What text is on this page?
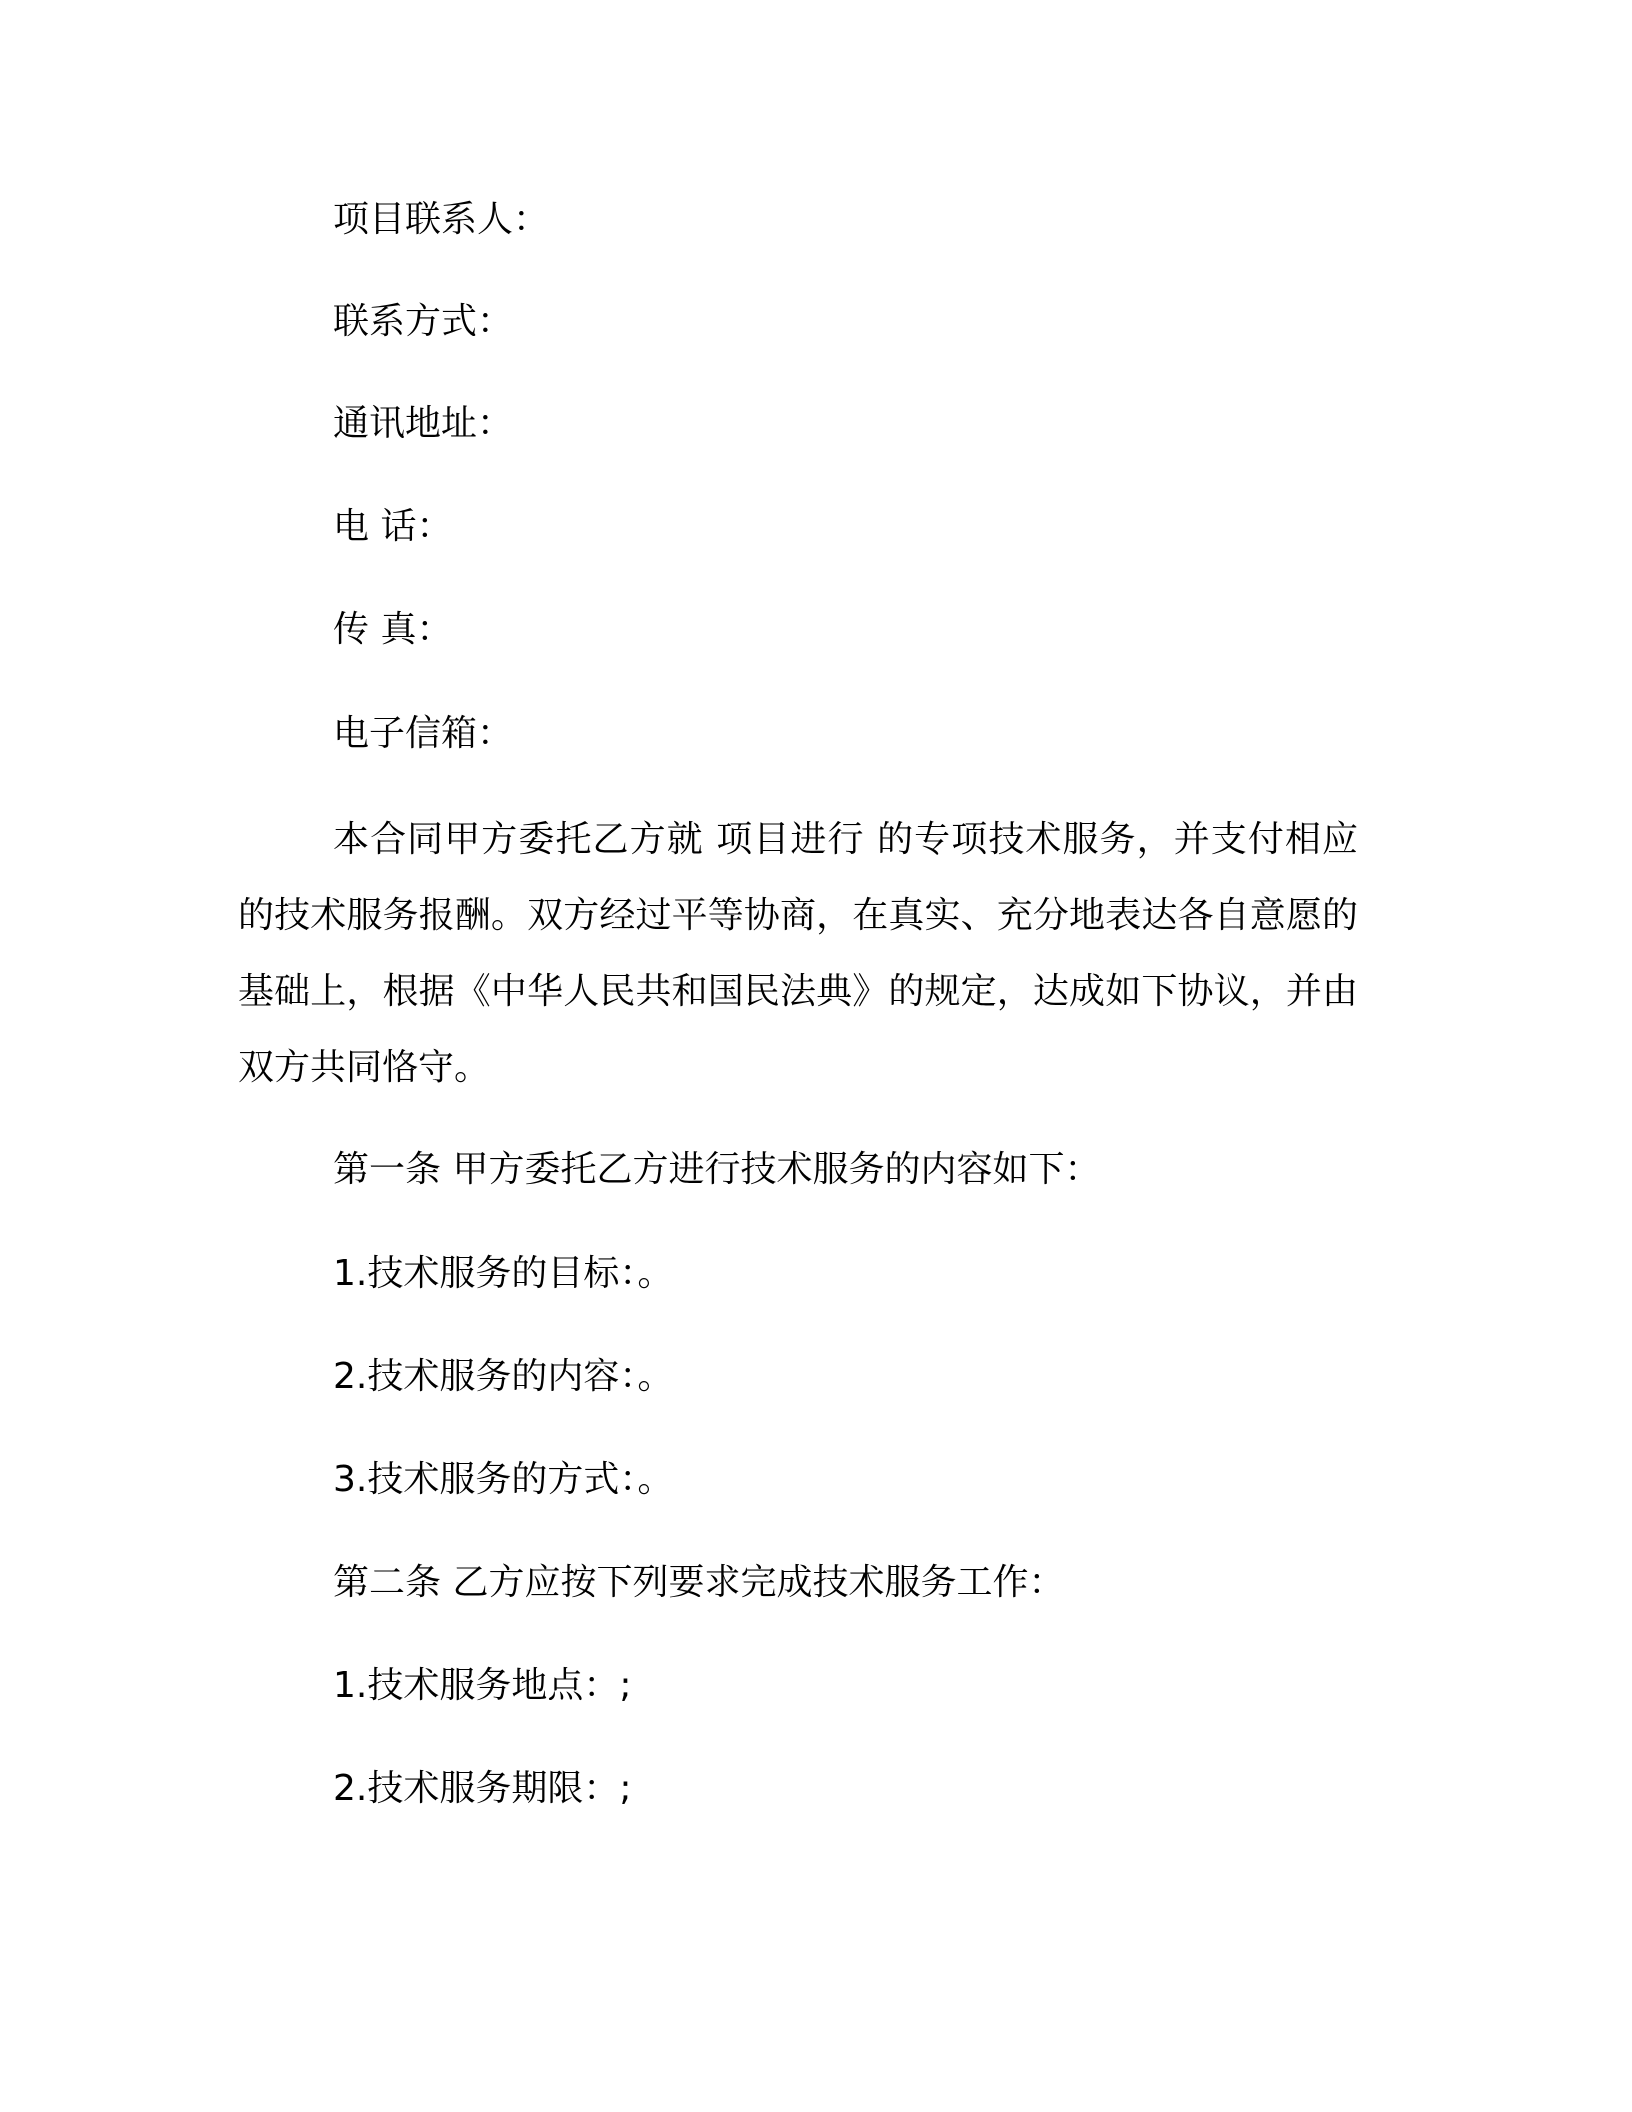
项目联系人：
联系方式：
通讯地址：
电 话：
传 真：
电子信箱：
本合同甲方委托乙方就 项目进行 的专项技术服务，并支付相应的技术服务报酬。双方经过平等协商，在真实、充分地表达各自意愿的基础上，根据《中华人民共和国民法典》的规定，达成如下协议，并由双方共同恪守。
第一条 甲方委托乙方进行技术服务的内容如下：
1.技术服务的目标：。
2.技术服务的内容：。
3.技术服务的方式：。
第二条 乙方应按下列要求完成技术服务工作：
1.技术服务地点：;
2.技术服务期限：;
